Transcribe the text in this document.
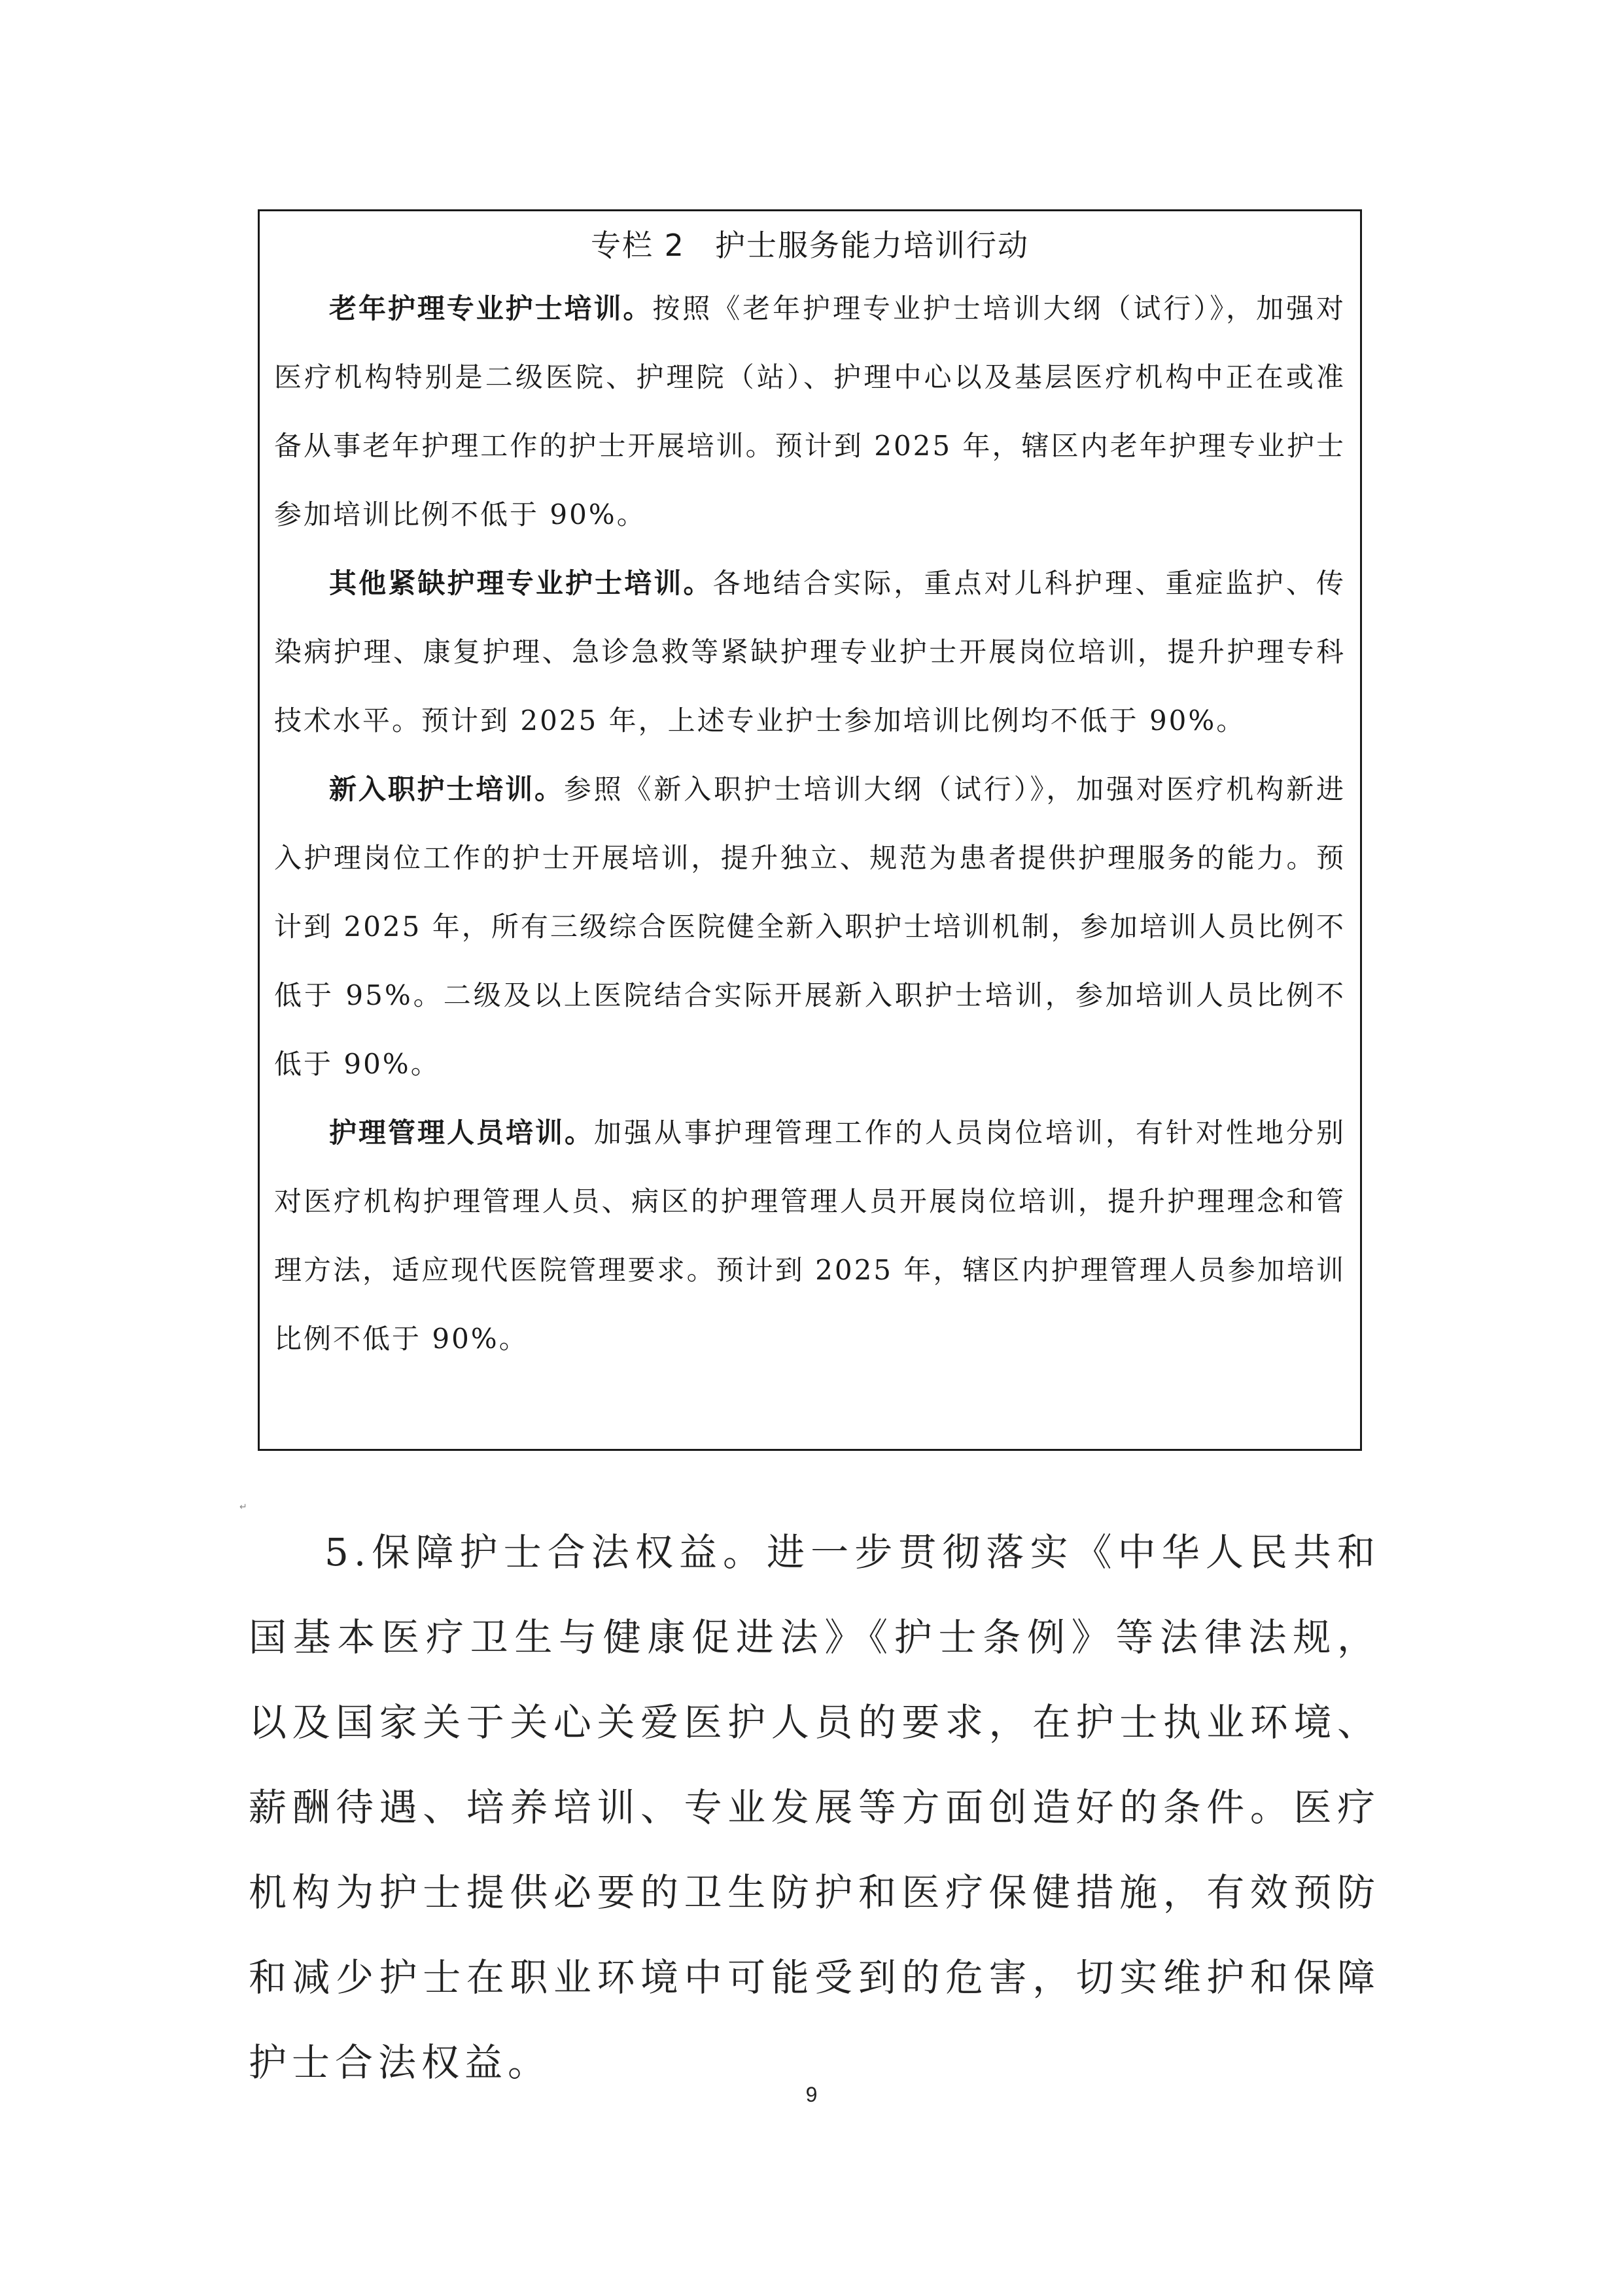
专栏 2 护士服务能力培训行动

老年护理专业护士培训。按照《老年护理专业护士培训大纲（试行）》，加强对医疗机构特别是二级医院、护理院（站）、护理中心以及基层医疗机构中正在或准备从事老年护理工作的护士开展培训。预计到 2025 年，辖区内老年护理专业护士参加培训比例不低于 90%。

其他紧缺护理专业护士培训。各地结合实际，重点对儿科护理、重症监护、传染病护理、康复护理、急诊急救等紧缺护理专业护士开展岗位培训，提升护理专科技术水平。预计到 2025 年，上述专业护士参加培训比例均不低于 90%。

新入职护士培训。参照《新入职护士培训大纲（试行）》，加强对医疗机构新进入护理岗位工作的护士开展培训，提升独立、规范为患者提供护理服务的能力。预计到 2025 年，所有三级综合医院健全新入职护士培训机制，参加培训人员比例不低于 95%。二级及以上医院结合实际开展新入职护士培训，参加培训人员比例不低于 90%。

护理管理人员培训。加强从事护理管理工作的人员岗位培训，有针对性地分别对医疗机构护理管理人员、病区的护理管理人员开展岗位培训，提升护理理念和管理方法，适应现代医院管理要求。预计到 2025 年，辖区内护理管理人员参加培训比例不低于 90%。

↵

5.保障护士合法权益。进一步贯彻落实《中华人民共和国基本医疗卫生与健康促进法》《护士条例》等法律法规，以及国家关于关心关爱医护人员的要求，在护士执业环境、薪酬待遇、培养培训、专业发展等方面创造好的条件。医疗机构为护士提供必要的卫生防护和医疗保健措施，有效预防和减少护士在职业环境中可能受到的危害，切实维护和保障护士合法权益。

9
